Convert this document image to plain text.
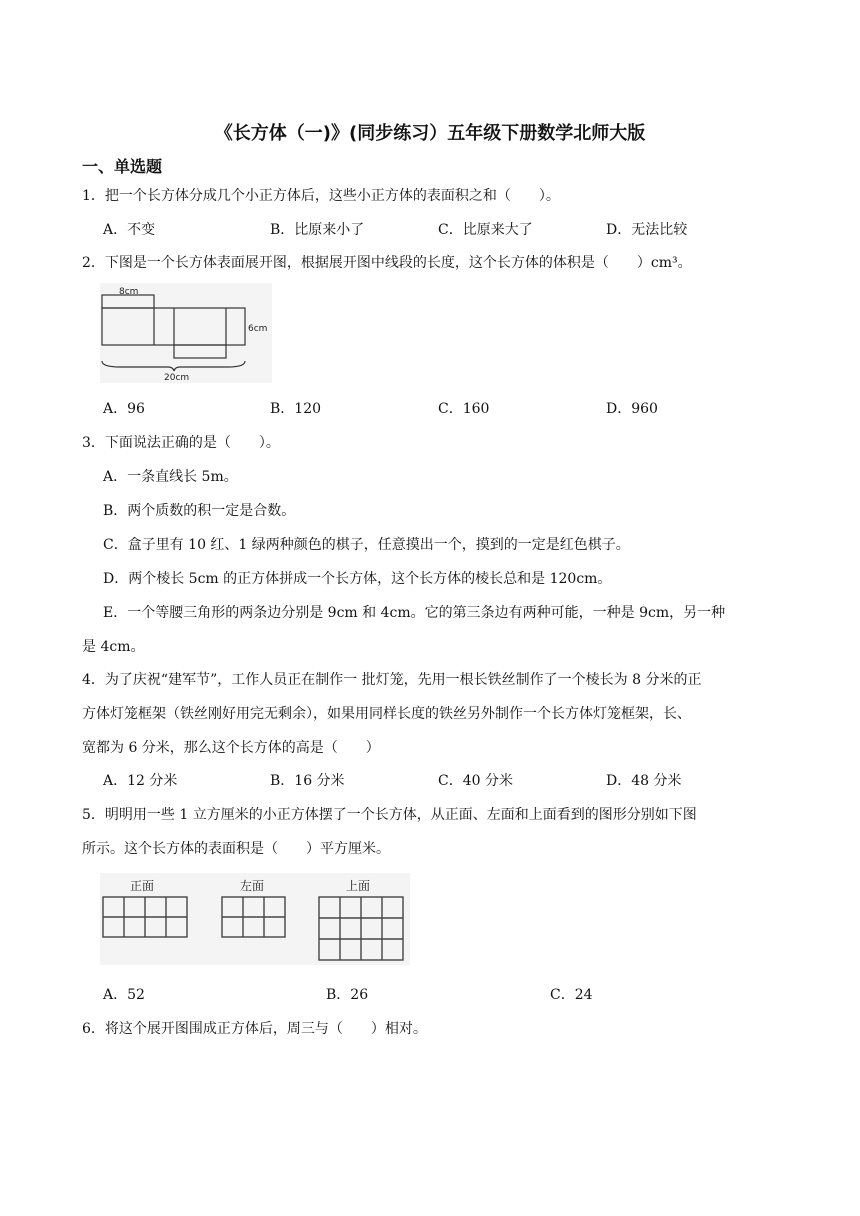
《长方体（一)》(同步练习）五年级下册数学北师大版
一、单选题
1．把一个长方体分成几个小正方体后，这些小正方体的表面积之和（　　）。
A．不变	B．比原来小了	C．比原来大了	D．无法比较
2．下图是一个长方体表面展开图，根据展开图中线段的长度，这个长方体的体积是（　　）cm³。
8cm
6cm
20cm
A．96	B．120	C．160	D．960
3．下面说法正确的是（　　）。
A．一条直线长 5m。
B．两个质数的积一定是合数。
C．盒子里有 10 红、1 绿两种颜色的棋子，任意摸出一个，摸到的一定是红色棋子。
D．两个棱长 5cm 的正方体拼成一个长方体，这个长方体的棱长总和是 120cm。
E．一个等腰三角形的两条边分别是 9cm 和 4cm。它的第三条边有两种可能，一种是 9cm，另一种
是 4cm。
4．为了庆祝“建军节”，工作人员正在制作一 批灯笼，先用一根长铁丝制作了一个棱长为 8 分米的正
方体灯笼框架（铁丝刚好用完无剩余），如果用同样长度的铁丝另外制作一个长方体灯笼框架，长、
宽都为 6 分米，那么这个长方体的高是（　　）
A．12 分米	B．16 分米	C．40 分米	D．48 分米
5．明明用一些 1 立方厘米的小正方体摆了一个长方体，从正面、左面和上面看到的图形分别如下图
所示。这个长方体的表面积是（　　）平方厘米。
正面	左面	上面
A．52	B．26	C．24
6．将这个展开图围成正方体后，周三与（　　）相对。
